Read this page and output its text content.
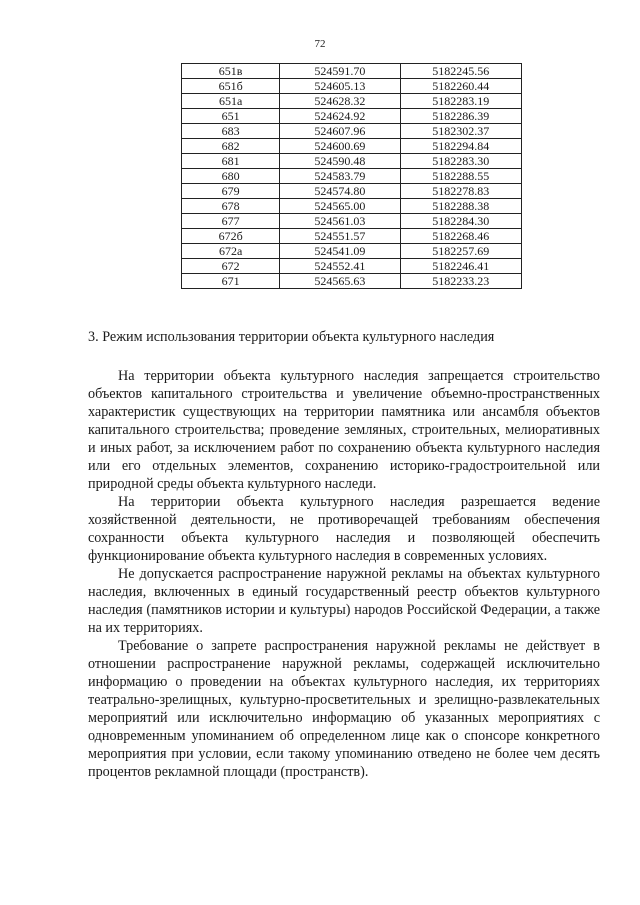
72
651в	524591.70	5182245.56
651б	524605.13	5182260.44
651а	524628.32	5182283.19
651	524624.92	5182286.39
683	524607.96	5182302.37
682	524600.69	5182294.84
681	524590.48	5182283.30
680	524583.79	5182288.55
679	524574.80	5182278.83
678	524565.00	5182288.38
677	524561.03	5182284.30
672б	524551.57	5182268.46
672а	524541.09	5182257.69
672	524552.41	5182246.41
671	524565.63	5182233.23
3. Режим использования территории объекта культурного наследия

На территории объекта культурного наследия запрещается строительство объектов капитального строительства и увеличение объемно-пространственных характеристик существующих на территории памятника или ансамбля объектов капитального строительства; проведение земляных, строительных, мелиоративных и иных работ, за исключением работ по сохранению объекта культурного наследия или его отдельных элементов, сохранению историко-градостроительной или природной среды объекта культурного наследи.

На территории объекта культурного наследия разрешается ведение хозяйственной деятельности, не противоречащей требованиям обеспечения сохранности объекта культурного наследия и позволяющей обеспечить функционирование объекта культурного наследия в современных условиях.

Не допускается распространение наружной рекламы на объектах культурного наследия, включенных в единый государственный реестр объектов культурного наследия (памятников истории и культуры) народов Российской Федерации, а также на их территориях.

Требование о запрете распространения наружной рекламы не действует в отношении распространение наружной рекламы, содержащей исключительно информацию о проведении на объектах культурного наследия, их территориях театрально-зрелищных, культурно-просветительных и зрелищно-развлекательных мероприятий или исключительно информацию об указанных мероприятиях с одновременным упоминанием об определенном лице как о спонсоре конкретного мероприятия при условии, если такому упоминанию отведено не более чем десять процентов рекламной площади (пространств).
